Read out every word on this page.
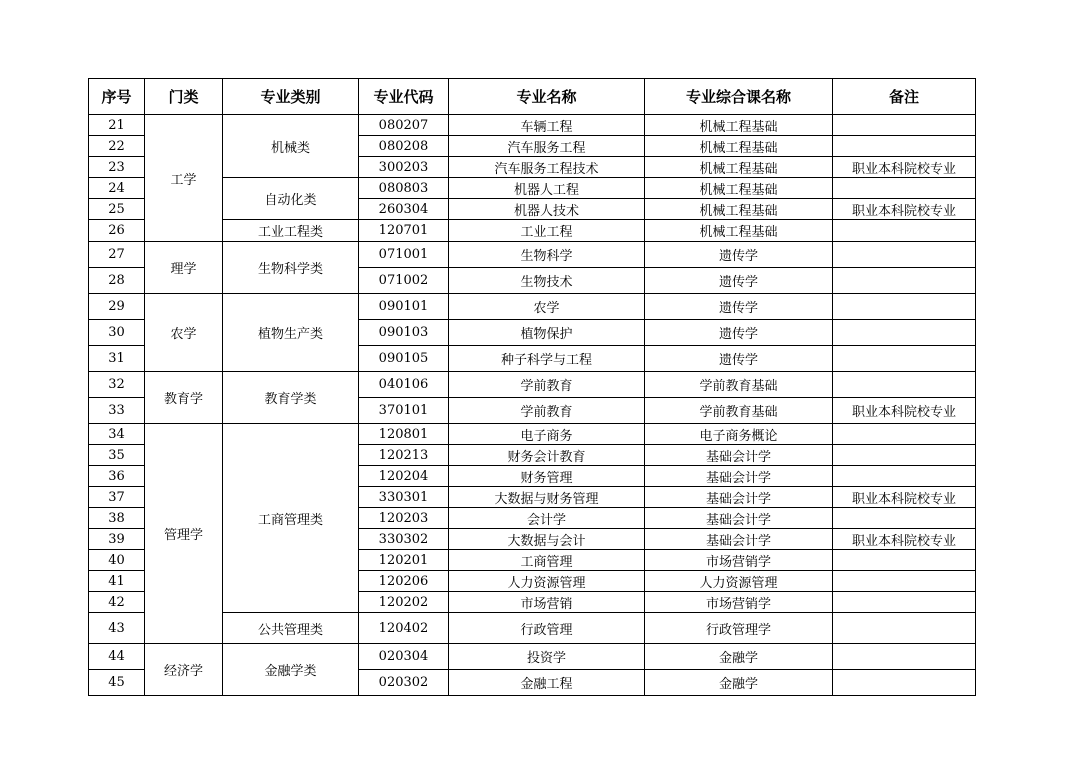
序号	门类	专业类别	专业代码	专业名称	专业综合课名称	备注
21	工学	机械类	080207	车辆工程	机械工程基础	
22			080208	汽车服务工程	机械工程基础	
23			300203	汽车服务工程技术	机械工程基础	职业本科院校专业
24		自动化类	080803	机器人工程	机械工程基础	
25			260304	机器人技术	机械工程基础	职业本科院校专业
26		工业工程类	120701	工业工程	机械工程基础	
27	理学	生物科学类	071001	生物科学	遗传学	
28			071002	生物技术	遗传学	
29	农学	植物生产类	090101	农学	遗传学	
30			090103	植物保护	遗传学	
31			090105	种子科学与工程	遗传学	
32	教育学	教育学类	040106	学前教育	学前教育基础	
33			370101	学前教育	学前教育基础	职业本科院校专业
34	管理学	工商管理类	120801	电子商务	电子商务概论	
35			120213	财务会计教育	基础会计学	
36			120204	财务管理	基础会计学	
37			330301	大数据与财务管理	基础会计学	职业本科院校专业
38			120203	会计学	基础会计学	
39			330302	大数据与会计	基础会计学	职业本科院校专业
40			120201	工商管理	市场营销学	
41			120206	人力资源管理	人力资源管理	
42			120202	市场营销	市场营销学	
43		公共管理类	120402	行政管理	行政管理学	
44	经济学	金融学类	020304	投资学	金融学	
45			020302	金融工程	金融学	
